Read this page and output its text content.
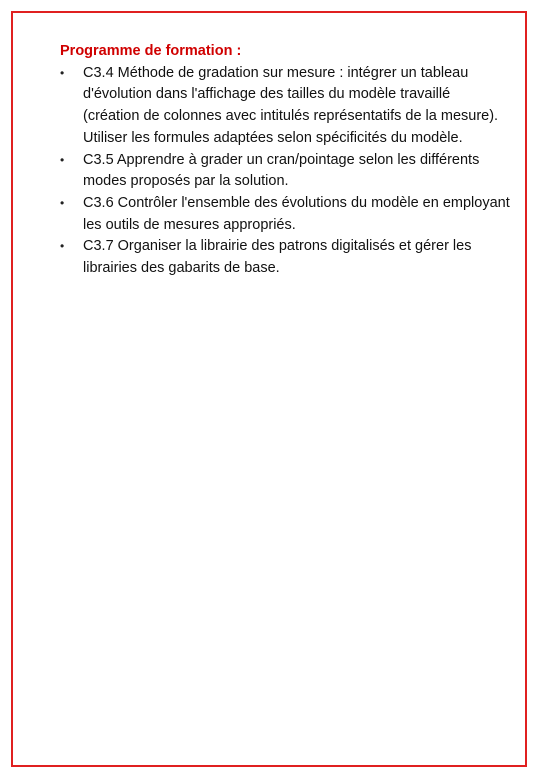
Programme de formation :

•	C3.4 Méthode de gradation sur mesure : intégrer un tableau d'évolution dans l'affichage des tailles du modèle travaillé (création de colonnes avec intitulés représentatifs de la mesure). Utiliser les formules adaptées selon spécificités du modèle.
•	C3.5 Apprendre à grader un cran/pointage selon les différents modes proposés par la solution.
•	C3.6 Contrôler l'ensemble des évolutions du modèle en employant les outils de mesures appropriés.
•	C3.7 Organiser la librairie des patrons digitalisés et gérer les librairies des gabarits de base.
